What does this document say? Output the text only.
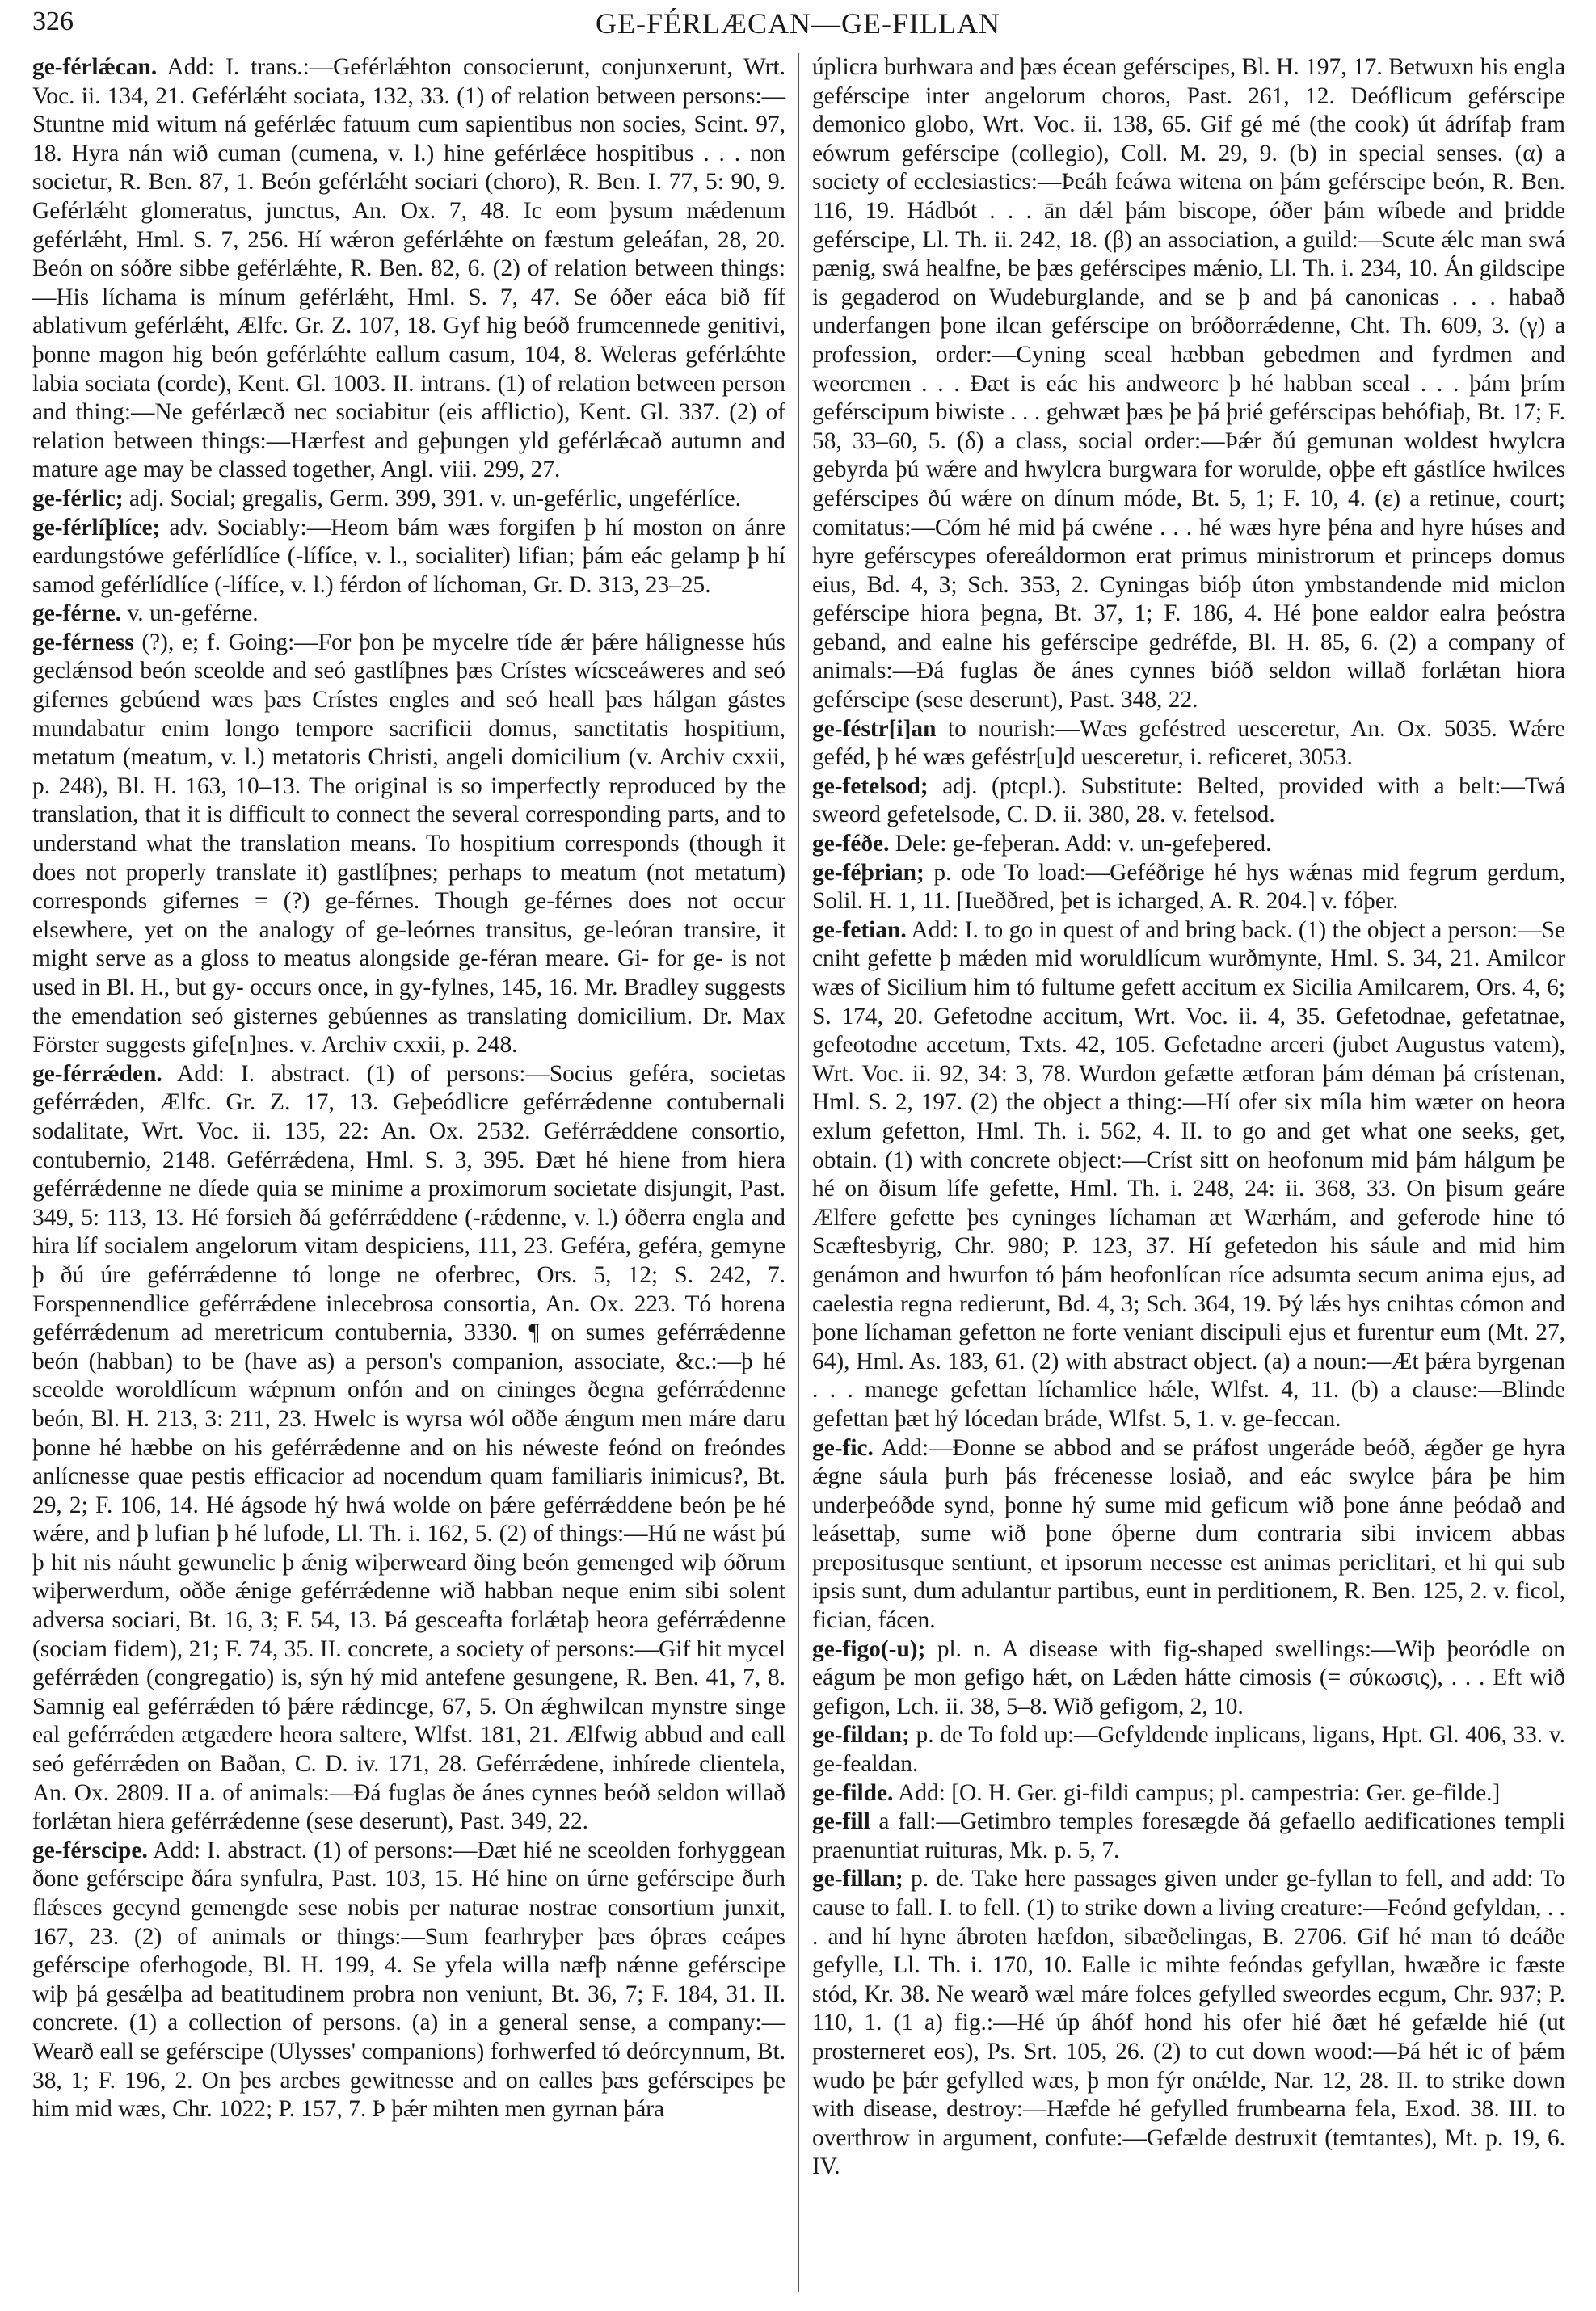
326	GE-FÉRLÆCAN—GE-FILLAN

ge-férlǽcan. Add: I. trans.:—Geférlǽhton consocierunt, conjunxerunt, Wrt. Voc. ii. 134, 21. Geférlǽht sociata, 132, 33. (1) of relation between persons:—Stuntne mid witum ná geférlǽc fatuum cum sapientibus non socies, Scint. 97, 18. Hyra nán wið cuman (cumena, v. l.) hine geférlǽce hospitibus . . . non societur, R. Ben. 87, 1. Beón geférlǽht sociari (choro), R. Ben. I. 77, 5: 90, 9. Geférlǽht glomeratus, junctus, An. Ox. 7, 48. Ic eom þysum mǽdenum geférlǽht, Hml. S. 7, 256. Hí wǽron geférlǽhte on fæstum geleáfan, 28, 20. Beón on sóðre sibbe geférlǽhte, R. Ben. 82, 6. (2) of relation between things:—His líchama is mínum geférlǽht, Hml. S. 7, 47. Se óðer eáca bið fíf ablativum geférlǽht, Ælfc. Gr. Z. 107, 18. Gyf hig beóð frumcennede genitivi, þonne magon hig beón geférlǽhte eallum casum, 104, 8. Weleras geférlǽhte labia sociata (corde), Kent. Gl. 1003. II. intrans. (1) of relation between person and thing:—Ne geférlæcð nec sociabitur (eis afflictio), Kent. Gl. 337. (2) of relation between things:—Hærfest and geþungen yld geférlǽcað autumn and mature age may be classed together, Angl. viii. 299, 27.

ge-férlic; adj. Social; gregalis, Germ. 399, 391. v. un-geférlic, ungeférlíce.

ge-férlíþlíce; adv. Sociably:—Heom bám wæs forgifen þ hí moston on ánre eardungstówe geférlídlíce (-lífíce, v. l., socialiter) lifian; þám eác gelamp þ hí samod geférlídlíce (-lífíce, v. l.) férdon of líchoman, Gr. D. 313, 23–25.

ge-férne. v. un-geférne.

ge-férness (?), e; f. Going:—For þon þe mycelre tíde ǽr þǽre hálignesse hús geclǽnsod beón sceolde and seó gastlíþnes þæs Crístes wícsceáweres and seó gifernes gebúend wæs þæs Crístes engles and seó heall þæs hálgan gástes mundabatur enim longo tempore sacrificii domus, sanctitatis hospitium, metatum (meatum, v. l.) metatoris Christi, angeli domicilium (v. Archiv cxxii, p. 248), Bl. H. 163, 10–13. The original is so imperfectly reproduced by the translation, that it is difficult to connect the several corresponding parts, and to understand what the translation means. To hospitium corresponds (though it does not properly translate it) gastlíþnes; perhaps to meatum (not metatum) corresponds gifernes = (?) ge-férnes. Though ge-férnes does not occur elsewhere, yet on the analogy of ge-leórnes transitus, ge-leóran transire, it might serve as a gloss to meatus alongside ge-féran meare. Gi- for ge- is not used in Bl. H., but gy- occurs once, in gy-fylnes, 145, 16. Mr. Bradley suggests the emendation seó gisternes gebúennes as translating domicilium. Dr. Max Förster suggests gife[n]nes. v. Archiv cxxii, p. 248.

ge-férrǽden. Add: I. abstract. (1) of persons:—Socius geféra, societas geférrǽden, Ælfc. Gr. Z. 17, 13. Geþeódlicre geférrǽdenne contubernali sodalitate, Wrt. Voc. ii. 135, 22: An. Ox. 2532. Geférrǽddene consortio, contubernio, 2148. Geférrǽdena, Hml. S. 3, 395. Ðæt hé hiene from hiera geférrǽdenne ne díede quia se minime a proximorum societate disjungit, Past. 349, 5: 113, 13. Hé forsieh ðá geférrǽddene (-rǽdenne, v. l.) óðerra engla and hira líf socialem angelorum vitam despiciens, 111, 23. Geféra, geféra, gemyne þ ðú úre geférrǽdenne tó longe ne oferbrec, Ors. 5, 12; S. 242, 7. Forspennendlice geférrǽdene inlecebrosa consortia, An. Ox. 223. Tó horena geférrǽdenum ad meretricum contubernia, 3330. ¶ on sumes geférrǽdenne beón (habban) to be (have as) a person's companion, associate, &c.:—þ hé sceolde woroldlícum wǽpnum onfón and on cininges ðegna geférrǽdenne beón, Bl. H. 213, 3: 211, 23. Hwelc is wyrsa wól oððe ǽngum men máre daru þonne hé hæbbe on his geférrǽdenne and on his néweste feónd on freóndes anlícnesse quae pestis efficacior ad nocendum quam familiaris inimicus?, Bt. 29, 2; F. 106, 14. Hé ágsode hý hwá wolde on þǽre geférrǽddene beón þe hé wǽre, and þ lufian þ hé lufode, Ll. Th. i. 162, 5. (2) of things:—Hú ne wást þú þ hit nis náuht gewunelic þ ǽnig wiþerweard ðing beón gemenged wiþ óðrum wiþerwerdum, oððe ǽnige geférrǽdenne wið habban neque enim sibi solent adversa sociari, Bt. 16, 3; F. 54, 13. Þá gesceafta forlǽtaþ heora geférrǽdenne (sociam fidem), 21; F. 74, 35. II. concrete, a society of persons:—Gif hit mycel geférrǽden (congregatio) is, sýn hý mid antefene gesungene, R. Ben. 41, 7, 8. Samnig eal geférrǽden tó þǽre rǽdincge, 67, 5. On ǽghwilcan mynstre singe eal geférrǽden ætgædere heora saltere, Wlfst. 181, 21. Ælfwig abbud and eall seó geférrǽden on Baðan, C. D. iv. 171, 28. Geférrǽdene, inhírede clientela, An. Ox. 2809. II a. of animals:—Ðá fuglas ðe ánes cynnes beóð seldon willað forlǽtan hiera geférrǽdenne (sese deserunt), Past. 349, 22.

ge-férscipe. Add: I. abstract. (1) of persons:—Ðæt hié ne sceolden forhyggean ðone geférscipe ðára synfulra, Past. 103, 15. Hé hine on úrne geférscipe ðurh flǽsces gecynd gemengde sese nobis per naturae nostrae consortium junxit, 167, 23. (2) of animals or things:—Sum fearhryþer þæs óþræs ceápes geférscipe oferhogode, Bl. H. 199, 4. Se yfela willa næfþ nǽnne geférscipe wiþ þá gesǽlþa ad beatitudinem probra non veniunt, Bt. 36, 7; F. 184, 31. II. concrete. (1) a collection of persons. (a) in a general sense, a company:—Wearð eall se geférscipe (Ulysses' companions) forhwerfed tó deórcynnum, Bt. 38, 1; F. 196, 2. On þes arcbes gewitnesse and on ealles þæs geférscipes þe him mid wæs, Chr. 1022; P. 157, 7. Þ þǽr mihten men gyrnan þára

úplicra burhwara and þæs écean geférscipes, Bl. H. 197, 17. Betwuxn his engla geférscipe inter angelorum choros, Past. 261, 12. Deóflicum geférscipe demonico globo, Wrt. Voc. ii. 138, 65. Gif gé mé (the cook) út ádrífaþ fram eówrum geférscipe (collegio), Coll. M. 29, 9. (b) in special senses. (α) a society of ecclesiastics:—Þeáh feáwa witena on þám geférscipe beón, R. Ben. 116, 19. Hádbót . . . ān dǽl þám biscope, óðer þám wíbede and þridde geférscipe, Ll. Th. ii. 242, 18. (β) an association, a guild:—Scute ǽlc man swá pænig, swá healfne, be þæs geférscipes mǽnio, Ll. Th. i. 234, 10. Án gildscipe is gegaderod on Wudeburglande, and se þ and þá canonicas . . . habað underfangen þone ilcan geférscipe on bróðorrǽdenne, Cht. Th. 609, 3. (γ) a profession, order:—Cyning sceal hæbban gebedmen and fyrdmen and weorcmen . . . Ðæt is eác his andweorc þ hé habban sceal . . . þám þrím geférscipum biwiste . . . gehwæt þæs þe þá þrié geférscipas behófiaþ, Bt. 17; F. 58, 33–60, 5. (δ) a class, social order:—Þǽr ðú gemunan woldest hwylcra gebyrda þú wǽre and hwylcra burgwara for worulde, oþþe eft gástlíce hwilces geférscipes ðú wǽre on dínum móde, Bt. 5, 1; F. 10, 4. (ε) a retinue, court; comitatus:—Cóm hé mid þá cwéne . . . hé wæs hyre þéna and hyre húses and hyre geférscypes ofereáldormon erat primus ministrorum et princeps domus eius, Bd. 4, 3; Sch. 353, 2. Cyningas bióþ úton ymbstandende mid miclon geférscipe hiora þegna, Bt. 37, 1; F. 186, 4. Hé þone ealdor ealra þeóstra geband, and ealne his geférscipe gedréfde, Bl. H. 85, 6. (2) a company of animals:—Ðá fuglas ðe ánes cynnes bióð seldon willað forlǽtan hiora geférscipe (sese deserunt), Past. 348, 22.

ge-féstr[i]an to nourish:—Wæs geféstred uesceretur, An. Ox. 5035. Wǽre geféd, þ hé wæs geféstr[u]d uesceretur, i. reficeret, 3053.

ge-fetelsod; adj. (ptcpl.). Substitute: Belted, provided with a belt:—Twá sweord gefetelsode, C. D. ii. 380, 28. v. fetelsod.

ge-féðe. Dele: ge-feþeran. Add: v. un-gefeþered.

ge-féþrian; p. ode To load:—Geféðrige hé hys wǽnas mid fegrum gerdum, Solil. H. 1, 11. [Iueððred, þet is icharged, A. R. 204.] v. fóþer.

ge-fetian. Add: I. to go in quest of and bring back. (1) the object a person:—Se cniht gefette þ mǽden mid woruldlícum wurðmynte, Hml. S. 34, 21. Amilcor wæs of Sicilium him tó fultume gefett accitum ex Sicilia Amilcarem, Ors. 4, 6; S. 174, 20. Gefetodne accitum, Wrt. Voc. ii. 4, 35. Gefetodnae, gefetatnae, gefeotodne accetum, Txts. 42, 105. Gefetadne arceri (jubet Augustus vatem), Wrt. Voc. ii. 92, 34: 3, 78. Wurdon gefætte ætforan þám déman þá crístenan, Hml. S. 2, 197. (2) the object a thing:—Hí ofer six míla him wæter on heora exlum gefetton, Hml. Th. i. 562, 4. II. to go and get what one seeks, get, obtain. (1) with concrete object:—Críst sitt on heofonum mid þám hálgum þe hé on ðisum lífe gefette, Hml. Th. i. 248, 24: ii. 368, 33. On þisum geáre Ælfere gefette þes cyninges líchaman æt Wærhám, and geferode hine tó Scæftesbyrig, Chr. 980; P. 123, 37. Hí gefetedon his sáule and mid him genámon and hwurfon tó þám heofonlícan ríce adsumta secum anima ejus, ad caelestia regna redierunt, Bd. 4, 3; Sch. 364, 19. Þý lǽs hys cnihtas cómon and þone líchaman gefetton ne forte veniant discipuli ejus et furentur eum (Mt. 27, 64), Hml. As. 183, 61. (2) with abstract object. (a) a noun:—Æt þǽra byrgenan . . . manege gefettan líchamlice hǽle, Wlfst. 4, 11. (b) a clause:—Blinde gefettan þæt hý lócedan bráde, Wlfst. 5, 1. v. ge-feccan.

ge-fic. Add:—Ðonne se abbod and se práfost ungeráde beóð, ǽgðer ge hyra ǽgne sáula þurh þás frécenesse losiað, and eác swylce þára þe him underþeóðde synd, þonne hý sume mid geficum wið þone ánne þeódað and leásettaþ, sume wið þone óþerne dum contraria sibi invicem abbas prepositusque sentiunt, et ipsorum necesse est animas periclitari, et hi qui sub ipsis sunt, dum adulantur partibus, eunt in perditionem, R. Ben. 125, 2. v. ficol, fician, fácen.

ge-figo(-u); pl. n. A disease with fig-shaped swellings:—Wiþ þeoródle on eágum þe mon gefigo hǽt, on Lǽden hátte cimosis (= σύκωσις), . . . Eft wið gefigon, Lch. ii. 38, 5–8. Wið gefigom, 2, 10.

ge-fildan; p. de To fold up:—Gefyldende inplicans, ligans, Hpt. Gl. 406, 33. v. ge-fealdan.

ge-filde. Add: [O. H. Ger. gi-fildi campus; pl. campestria: Ger. ge-filde.]

ge-fill a fall:—Getimbro temples foresægde ðá gefaello aedificationes templi praenuntiat ruituras, Mk. p. 5, 7.

ge-fillan; p. de. Take here passages given under ge-fyllan to fell, and add: To cause to fall. I. to fell. (1) to strike down a living creature:—Feónd gefyldan, . . . and hí hyne ábroten hæfdon, sibæðelingas, B. 2706. Gif hé man tó deáðe gefylle, Ll. Th. i. 170, 10. Ealle ic mihte feóndas gefyllan, hwæðre ic fæste stód, Kr. 38. Ne wearð wæl máre folces gefylled sweordes ecgum, Chr. 937; P. 110, 1. (1 a) fig.:—Hé úp áhóf hond his ofer hié ðæt hé gefælde hié (ut prosterneret eos), Ps. Srt. 105, 26. (2) to cut down wood:—Þá hét ic of þǽm wudo þe þǽr gefylled wæs, þ mon fýr onǽlde, Nar. 12, 28. II. to strike down with disease, destroy:—Hæfde hé gefylled frumbearna fela, Exod. 38. III. to overthrow in argument, confute:—Gefælde destruxit (temtantes), Mt. p. 19, 6. IV.
